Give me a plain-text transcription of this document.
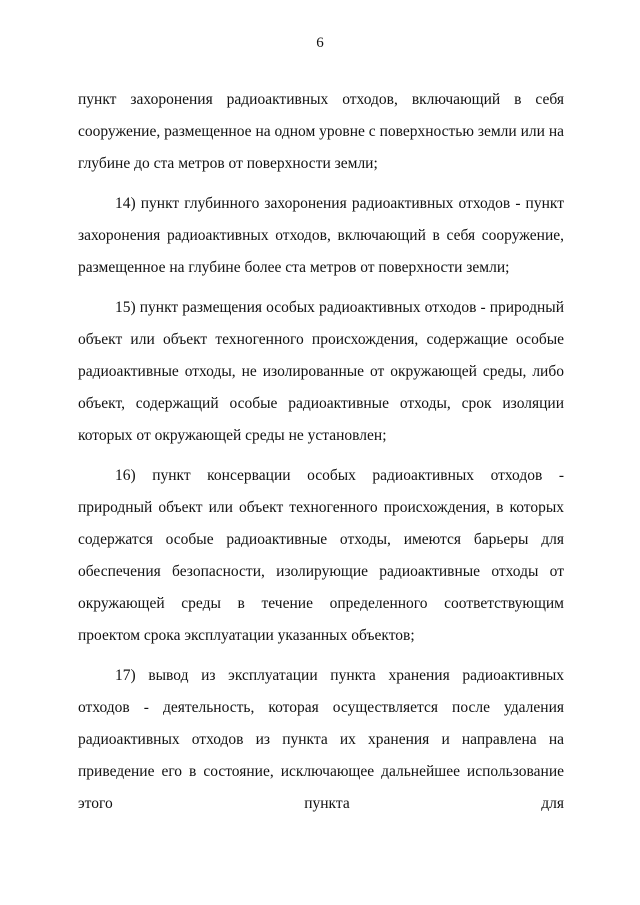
6

пункт захоронения радиоактивных отходов, включающий в себя сооружение, размещенное на одном уровне с поверхностью земли или на глубине до ста метров от поверхности земли;

14) пункт глубинного захоронения радиоактивных отходов - пункт захоронения радиоактивных отходов, включающий в себя сооружение, размещенное на глубине более ста метров от поверхности земли;

15) пункт размещения особых радиоактивных отходов - природный объект или объект техногенного происхождения, содержащие особые радиоактивные отходы, не изолированные от окружающей среды, либо объект, содержащий особые радиоактивные отходы, срок изоляции которых от окружающей среды не установлен;

16) пункт консервации особых радиоактивных отходов - природный объект или объект техногенного происхождения, в которых содержатся особые радиоактивные отходы, имеются барьеры для обеспечения безопасности, изолирующие радиоактивные отходы от окружающей среды в течение определенного соответствующим проектом срока эксплуатации указанных объектов;

17) вывод из эксплуатации пункта хранения радиоактивных отходов - деятельность, которая осуществляется после удаления радиоактивных отходов из пункта их хранения и направлена на приведение его в состояние, исключающее дальнейшее использование этого пункта для
